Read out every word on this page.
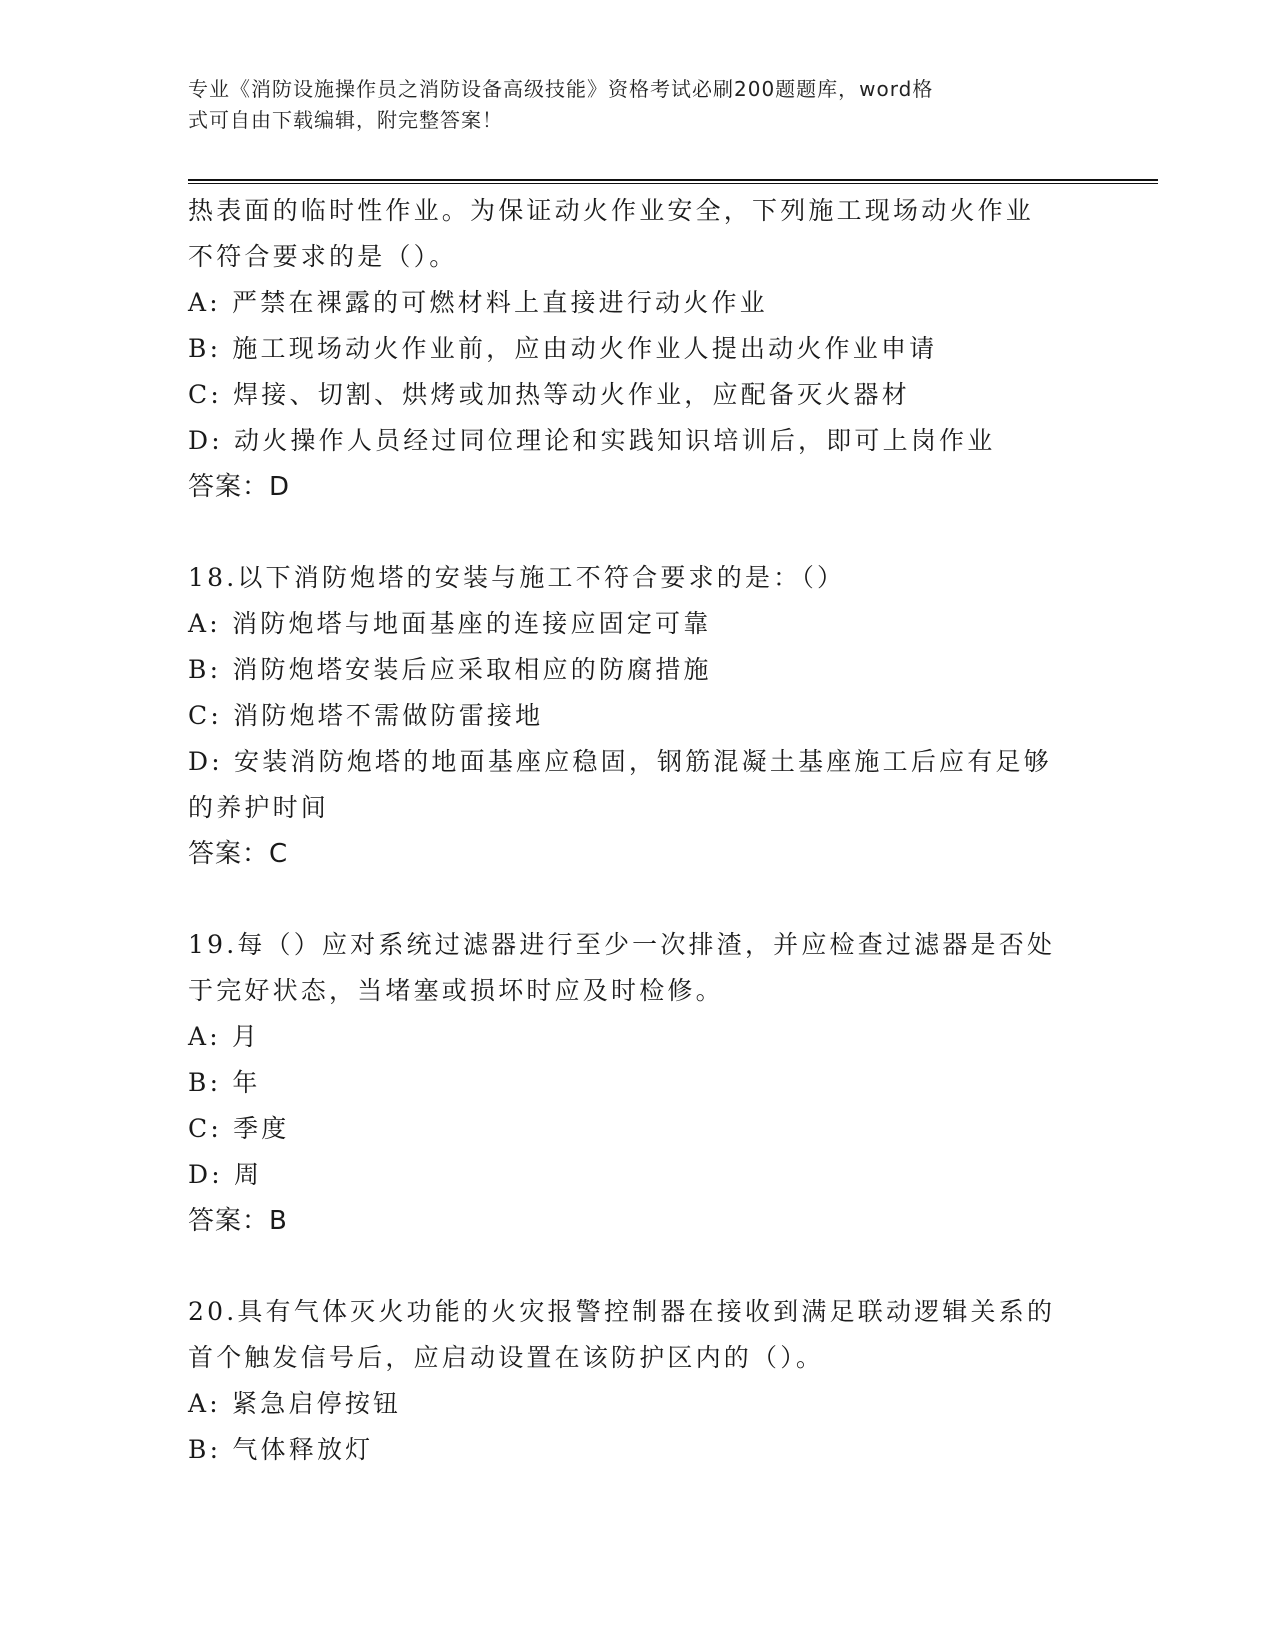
专业《消防设施操作员之消防设备高级技能》资格考试必刷200题题库，word格
式可自由下载编辑，附完整答案！
热表面的临时性作业。为保证动火作业安全，下列施工现场动火作业
不符合要求的是（）。
A: 严禁在裸露的可燃材料上直接进行动火作业
B: 施工现场动火作业前，应由动火作业人提出动火作业申请
C: 焊接、切割、烘烤或加热等动火作业，应配备灭火器材
D: 动火操作人员经过同位理论和实践知识培训后，即可上岗作业
答案：D
18.以下消防炮塔的安装与施工不符合要求的是：（）
A: 消防炮塔与地面基座的连接应固定可靠
B: 消防炮塔安装后应采取相应的防腐措施
C: 消防炮塔不需做防雷接地
D: 安装消防炮塔的地面基座应稳固，钢筋混凝土基座施工后应有足够
的养护时间
答案：C
19.每（）应对系统过滤器进行至少一次排渣，并应检查过滤器是否处
于完好状态，当堵塞或损坏时应及时检修。
A: 月
B: 年
C: 季度
D: 周
答案：B
20.具有气体灭火功能的火灾报警控制器在接收到满足联动逻辑关系的
首个触发信号后，应启动设置在该防护区内的（）。
A: 紧急启停按钮
B: 气体释放灯
